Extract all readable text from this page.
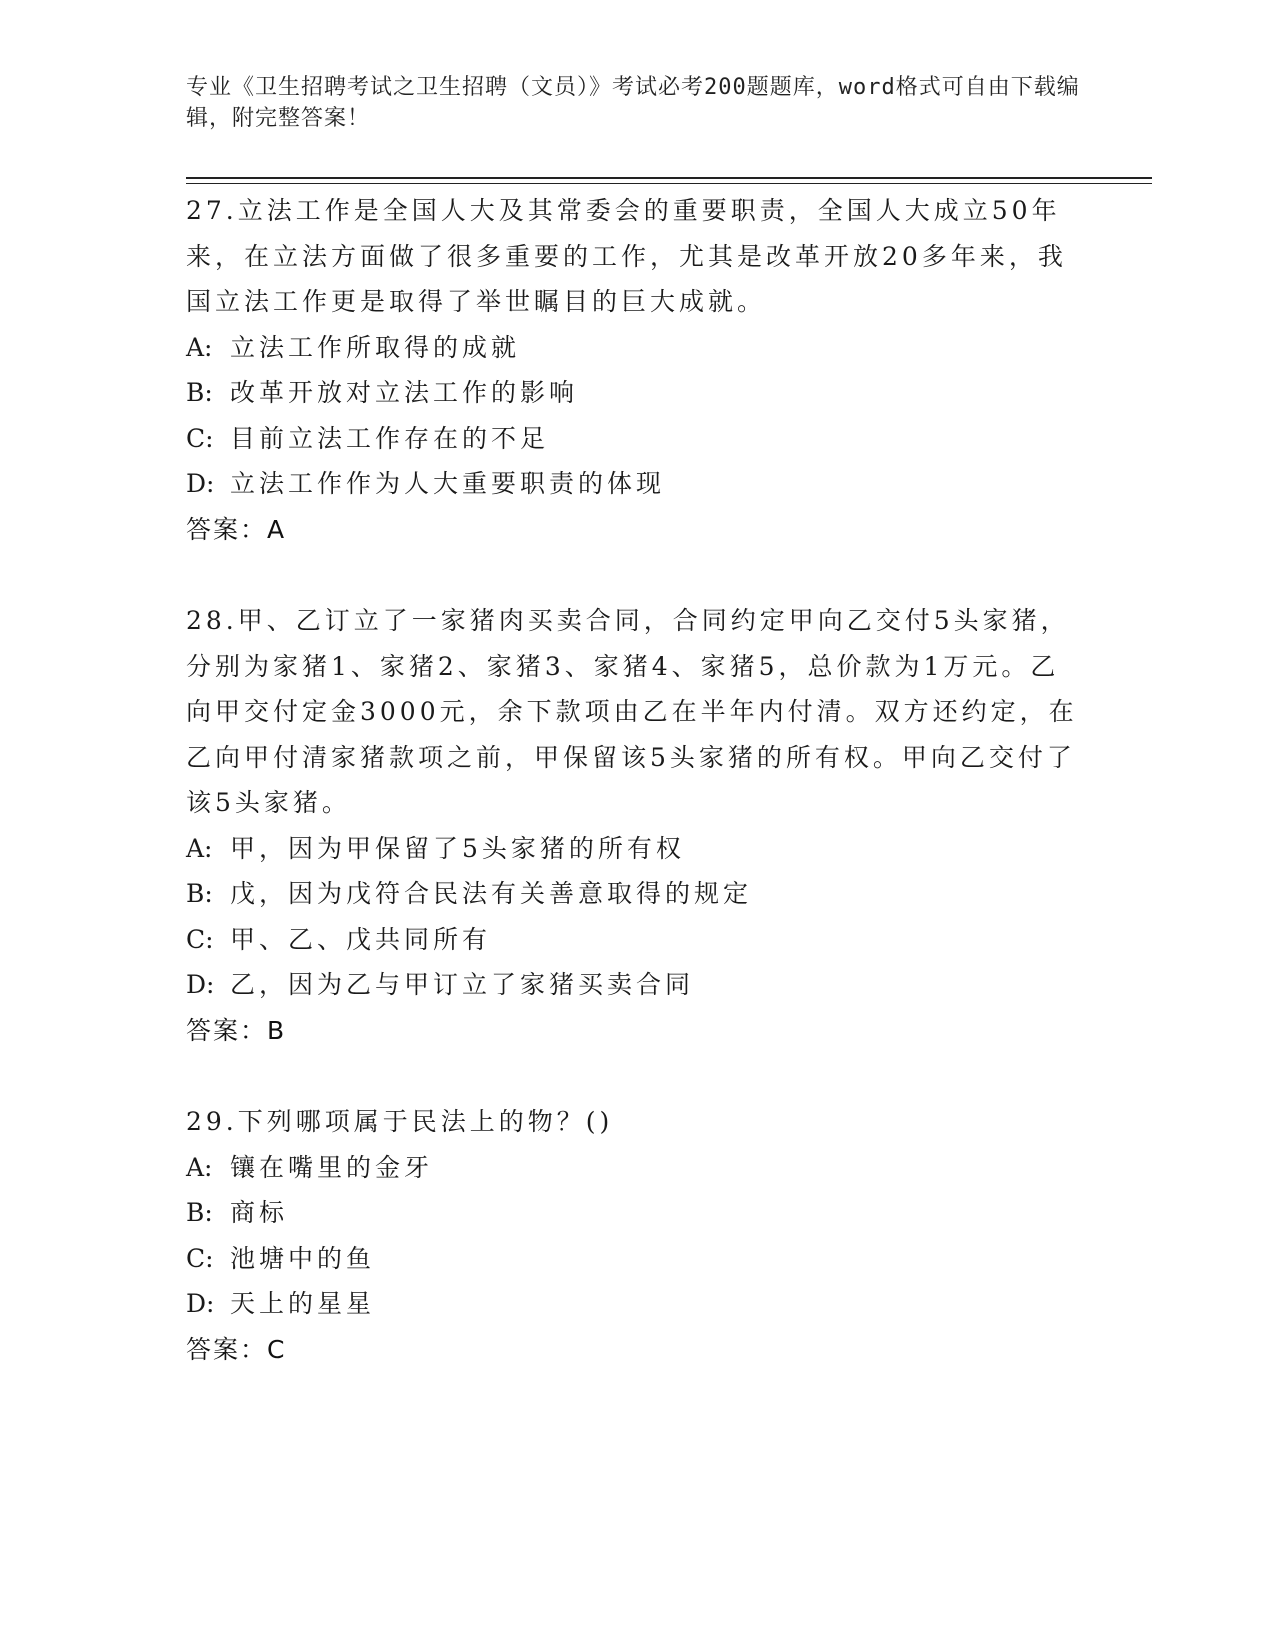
专业《卫生招聘考试之卫生招聘（文员）》考试必考200题题库，word格式可自由下载编辑，附完整答案！

27.立法工作是全国人大及其常委会的重要职责，全国人大成立50年来，在立法方面做了很多重要的工作，尤其是改革开放20多年来，我国立法工作更是取得了举世瞩目的巨大成就。

A: 立法工作所取得的成就

B: 改革开放对立法工作的影响

C: 目前立法工作存在的不足

D: 立法工作作为人大重要职责的体现

答案：A

28.甲、乙订立了一家猪肉买卖合同，合同约定甲向乙交付5头家猪，分别为家猪1、家猪2、家猪3、家猪4、家猪5，总价款为1万元。乙向甲交付定金3000元，余下款项由乙在半年内付清。双方还约定，在乙向甲付清家猪款项之前，甲保留该5头家猪的所有权。甲向乙交付了该5头家猪。

A: 甲，因为甲保留了5头家猪的所有权

B: 戊，因为戊符合民法有关善意取得的规定

C: 甲、乙、戊共同所有

D: 乙，因为乙与甲订立了家猪买卖合同

答案：B

29.下列哪项属于民法上的物？()

A: 镶在嘴里的金牙

B: 商标

C: 池塘中的鱼

D: 天上的星星

答案：C
